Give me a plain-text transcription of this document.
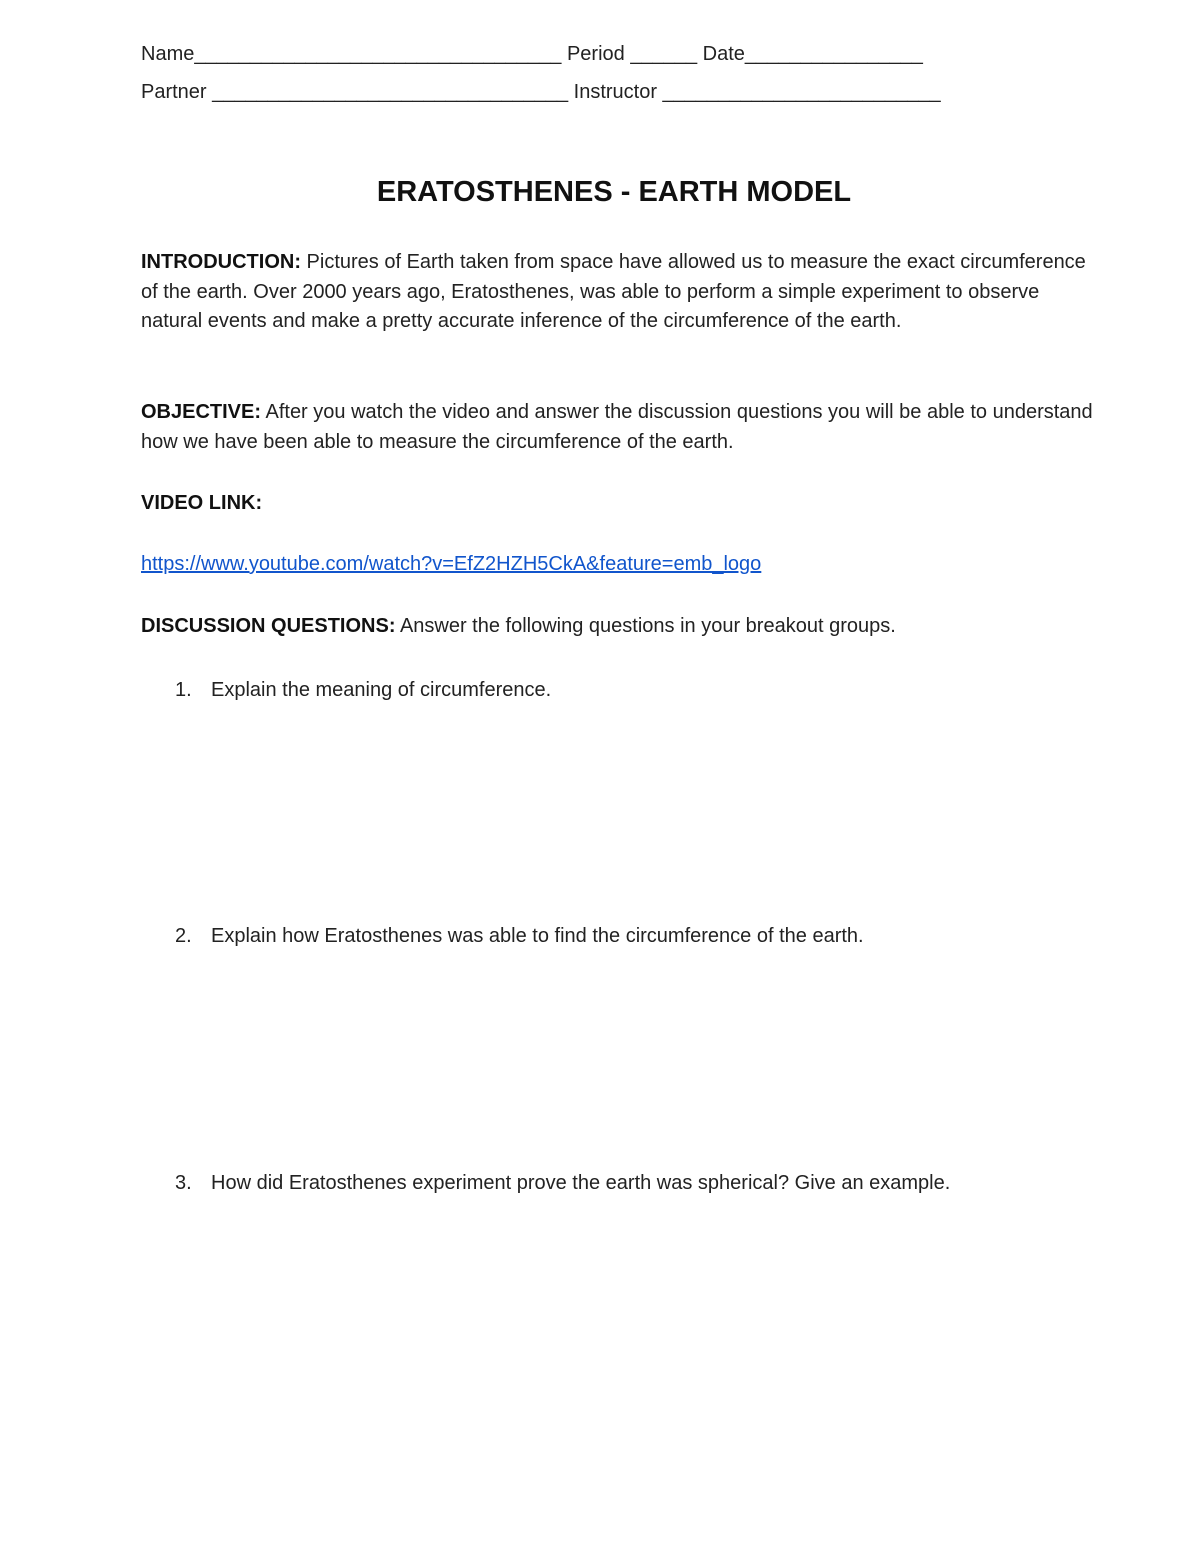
Name_________________________________ Period ______ Date________________
Partner ________________________________ Instructor _________________________
ERATOSTHENES - EARTH MODEL

INTRODUCTION: Pictures of Earth taken from space have allowed us to measure the exact circumference of the earth. Over 2000 years ago, Eratosthenes, was able to perform a simple experiment to observe natural events and make a pretty accurate inference of the circumference of the earth.

OBJECTIVE: After you watch the video and answer the discussion questions you will be able to understand how we have been able to measure the circumference of the earth.

VIDEO LINK:

https://www.youtube.com/watch?v=EfZ2HZH5CkA&feature=emb_logo

DISCUSSION QUESTIONS: Answer the following questions in your breakout groups.

1. Explain the meaning of circumference.
2. Explain how Eratosthenes was able to find the circumference of the earth.
3. How did Eratosthenes experiment prove the earth was spherical? Give an example.
